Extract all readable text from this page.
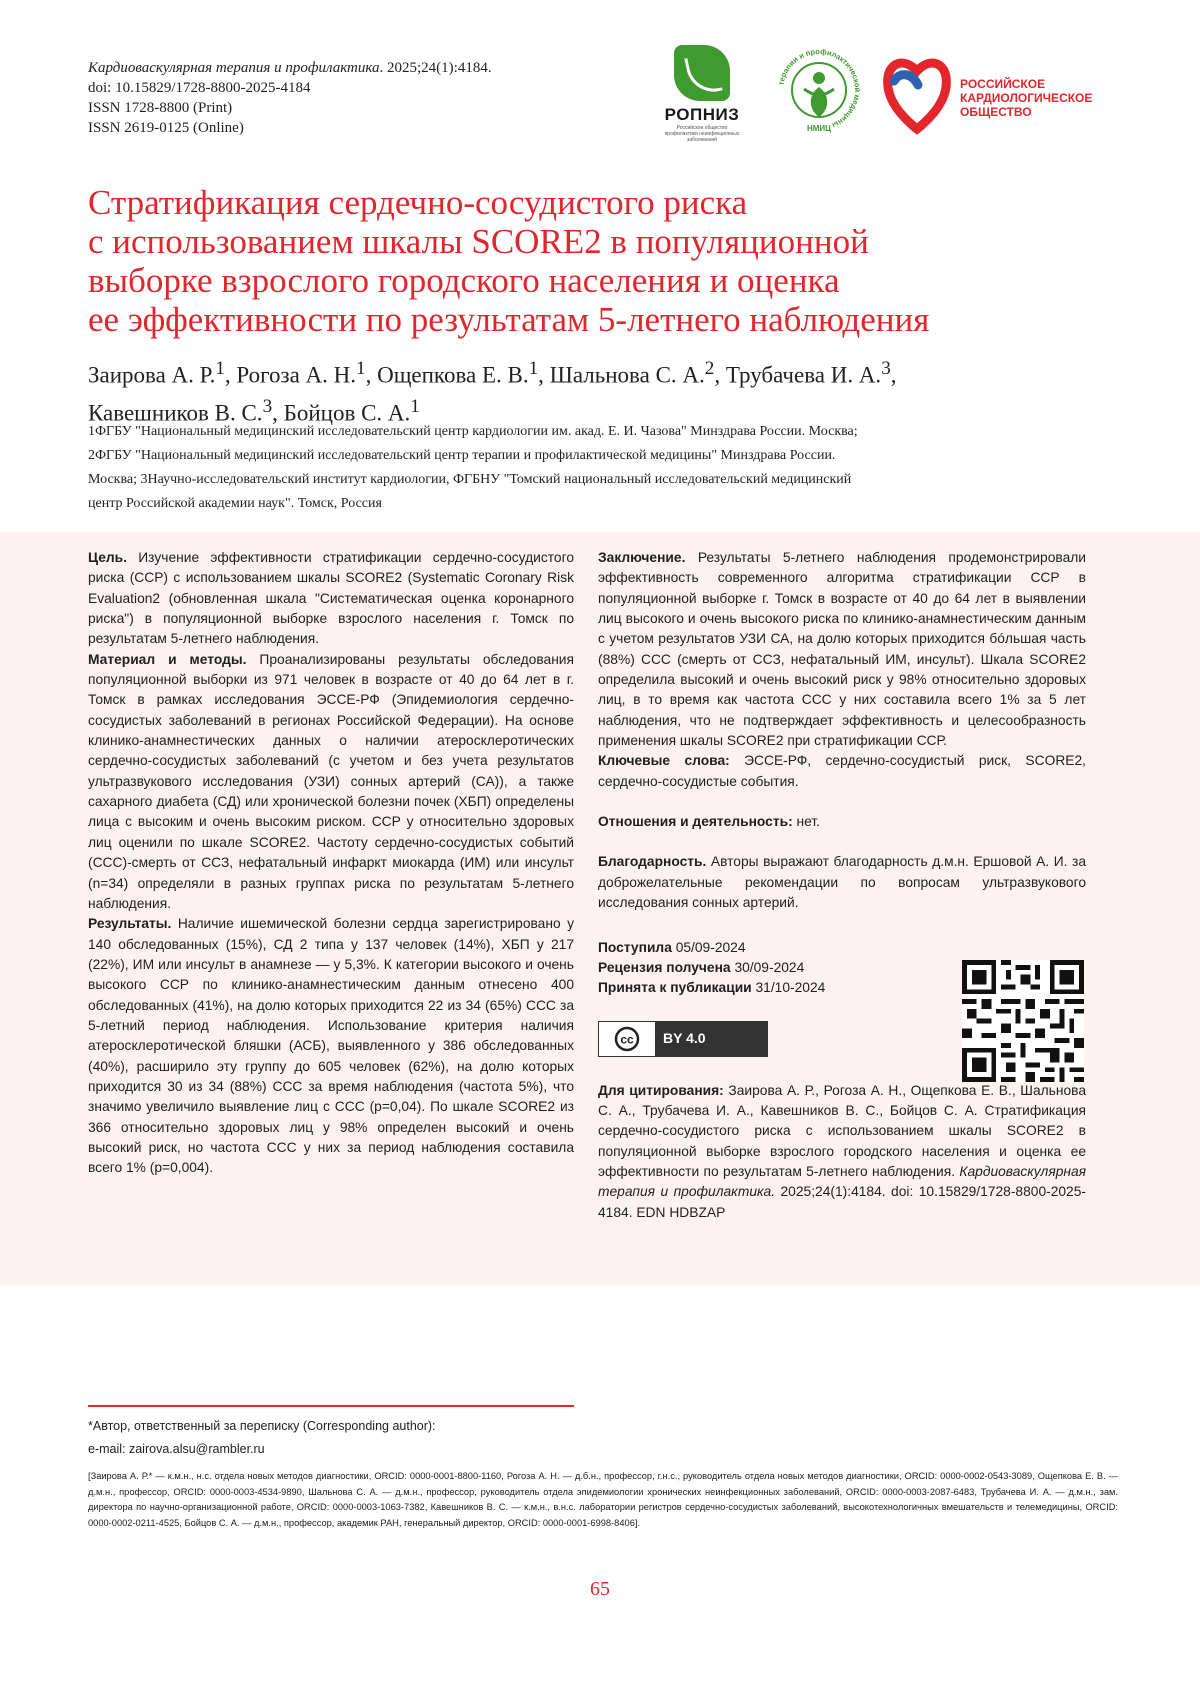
Кардиоваскулярная терапия и профилактика. 2025;24(1):4184.
doi: 10.15829/1728-8800-2025-4184
ISSN 1728-8800 (Print)
ISSN 2619-0125 (Online)
РОПНИЗ
Российское общество профилактики неинфекционных заболеваний
терапии и профилактической медицины
НМИЦ
РОССИЙСКОЕ
КАРДИОЛОГИЧЕСКОЕ
ОБЩЕСТВО
Стратификация сердечно-сосудистого риска
с использованием шкалы SCORE2 в популяционной
выборке взрослого городского населения и оценка
ее эффективности по результатам 5-летнего наблюдения
Заирова А. Р.1, Рогоза А. Н.1, Ощепкова Е. В.1, Шальнова С. А.2, Трубачева И. А.3,
Кавешников В. С.3, Бойцов С. А.1
1ФГБУ "Национальный медицинский исследовательский центр кардиологии им. акад. Е. И. Чазова" Минздрава России. Москва;
2ФГБУ "Национальный медицинский исследовательский центр терапии и профилактической медицины" Минздрава России.
Москва; 3Научно-исследовательский институт кардиологии, ФГБНУ "Томский национальный исследовательский медицинский
центр Российской академии наук". Томск, Россия
Цель. Изучение эффективности стратификации сердечно-сосудистого риска (ССР) с использованием шкалы SCORE2 (Systematic Coronary Risk Evaluation2 (обновленная шкала "Систематическая оценка коронарного риска") в популяционной выборке взрослого населения г. Томск по результатам 5-летнего наблюдения.
Материал и методы. Проанализированы результаты обследования популяционной выборки из 971 человек в возрасте от 40 до 64 лет в г. Томск в рамках исследования ЭССЕ-РФ (Эпидемиология сердечно-сосудистых заболеваний в регионах Российской Федерации). На основе клинико-анамнестических данных о наличии атеросклеротических сердечно-сосудистых заболеваний (с учетом и без учета результатов ультразвукового исследования (УЗИ) сонных артерий (СА)), а также сахарного диабета (СД) или хронической болезни почек (ХБП) определены лица с высоким и очень высоким риском. ССР у относительно здоровых лиц оценили по шкале SCORE2. Частоту сердечно-сосудистых событий (ССС)-смерть от ССЗ, нефатальный инфаркт миокарда (ИМ) или инсульт (n=34) определяли в разных группах риска по результатам 5-летнего наблюдения.
Результаты. Наличие ишемической болезни сердца зарегистрировано у 140 обследованных (15%), СД 2 типа у 137 человек (14%), ХБП у 217 (22%), ИМ или инсульт в анамнезе — у 5,3%. К категории высокого и очень высокого ССР по клинико-анамнестическим данным отнесено 400 обследованных (41%), на долю которых приходится 22 из 34 (65%) ССС за 5-летний период наблюдения. Использование критерия наличия атеросклеротической бляшки (АСБ), выявленного у 386 обследованных (40%), расширило эту группу до 605 человек (62%), на долю которых приходится 30 из 34 (88%) ССС за время наблюдения (частота 5%), что значимо увеличило выявление лиц с ССС (p=0,04). По шкале SCORE2 из 366 относительно здоровых лиц у 98% определен высокий и очень высокий риск, но частота ССС у них за период наблюдения составила всего 1% (p=0,004).
Заключение. Результаты 5-летнего наблюдения продемонстрировали эффективность современного алгоритма стратификации ССР в популяционной выборке г. Томск в возрасте от 40 до 64 лет в выявлении лиц высокого и очень высокого риска по клинико-анамнестическим данным с учетом результатов УЗИ СА, на долю которых приходится бóльшая часть (88%) ССС (смерть от ССЗ, нефатальный ИМ, инсульт). Шкала SCORE2 определила высокий и очень высокий риск у 98% относительно здоровых лиц, в то время как частота ССС у них составила всего 1% за 5 лет наблюдения, что не подтверждает эффективность и целесообразность применения шкалы SCORE2 при стратификации ССР.
Ключевые слова: ЭССЕ-РФ, сердечно-сосудистый риск, SCORE2, сердечно-сосудистые события.
Отношения и деятельность: нет.
Благодарность. Авторы выражают благодарность д.м.н. Ершовой А. И. за доброжелательные рекомендации по вопросам ультразвукового исследования сонных артерий.
Поступила 05/09-2024
Рецензия получена 30/09-2024
Принята к публикации 31/10-2024
cc	BY 4.0
Для цитирования: Заирова А. Р., Рогоза А. Н., Ощепкова Е. В., Шальнова С. А., Трубачева И. А., Кавешников В. С., Бойцов С. А. Стратификация сердечно-сосудистого риска с использованием шкалы SCORE2 в популяционной выборке взрослого городского населения и оценка ее эффективности по результатам 5-летнего наблюдения. Кардиоваскулярная терапия и профилактика. 2025;24(1):4184. doi: 10.15829/1728-8800-2025-4184. EDN HDBZAP
*Автор, ответственный за переписку (Corresponding author):
e-mail: zairova.alsu@rambler.ru
[Заирова А. Р.* — к.м.н., н.с. отдела новых методов диагностики, ORCID: 0000-0001-8800-1160, Рогоза А. Н. — д.б.н., профессор, г.н.с., руководитель отдела новых методов диагностики, ORCID: 0000-0002-0543-3089, Ощепкова Е. В. — д.м.н., профессор, ORCID: 0000-0003-4534-9890, Шальнова С. А. — д.м.н., профессор, руководитель отдела эпидемиологии хронических неинфекционных заболеваний, ORCID: 0000-0003-2087-6483, Трубачева И. А. — д.м.н., зам. директора по научно-организационной работе, ORCID: 0000-0003-1063-7382, Кавешников В. С. — к.м.н., в.н.с. лаборатории регистров сердечно-сосудистых заболеваний, высокотехнологичных вмешательств и телемедицины, ORCID: 0000-0002-0211-4525, Бойцов С. А. — д.м.н., профессор, академик РАН, генеральный директор, ORCID: 0000-0001-6998-8406].
65
